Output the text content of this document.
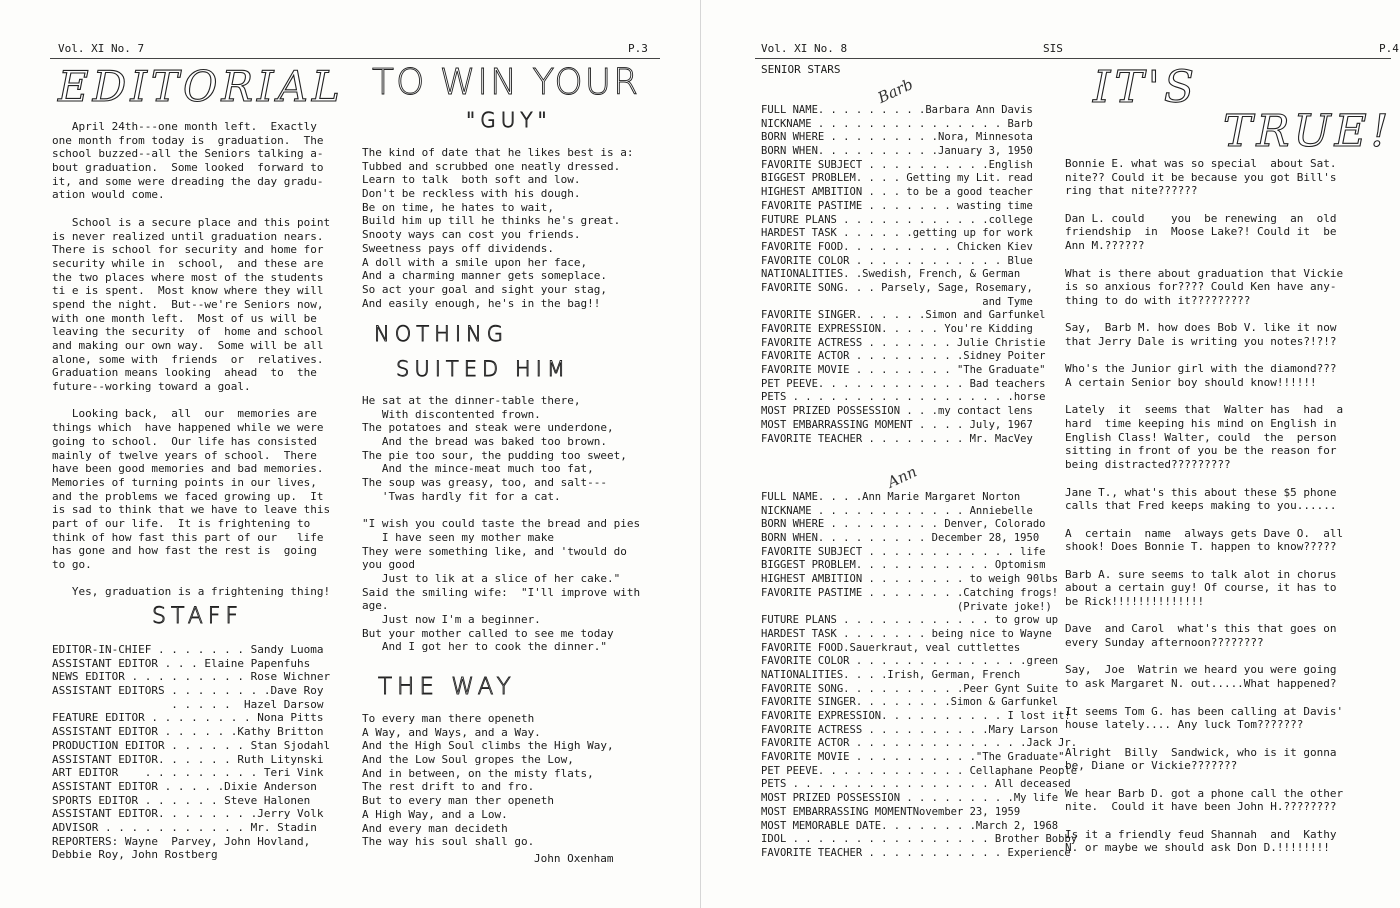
Vol. XI No. 7	P.3
EDITORIAL
April 24th---one month left.  Exactly
one month from today is  graduation.  The
school buzzed--all the Seniors talking a-
bout graduation.  Some looked  forward to
it, and some were dreading the day gradu-
ation would come.
School is a secure place and this point
is never realized until graduation nears.
There is school for security and home for
security while in  school,  and these are
the two places where most of the students
ti e is spent.  Most know where they will
spend the night.  But--we're Seniors now,
with one month left.  Most of us will be
leaving the security  of  home and school
and making our own way.  Some will be all
alone, some with  friends  or  relatives.
Graduation means looking  ahead  to  the
future--working toward a goal.
Looking back,  all  our  memories are
things which  have happened while we were
going to school.  Our life has consisted
mainly of twelve years of school.  There
have been good memories and bad memories.
Memories of turning points in our lives,
and the problems we faced growing up.  It
is sad to think that we have to leave this
part of our life.  It is frightening to
think of how fast this part of our   life
has gone and how fast the rest is  going
to go.
Yes, graduation is a frightening thing!
STAFF
EDITOR-IN-CHIEF . . . . . . . Sandy Luoma
ASSISTANT EDITOR . . . Elaine Papenfuhs
NEWS EDITOR . . . . . . . . . Rose Wichner
ASSISTANT EDITORS . . . . . . . .Dave Roy
. . . . .  Hazel Darsow
FEATURE EDITOR . . . . . . . . Nona Pitts
ASSISTANT EDITOR . . . . . .Kathy Britton
PRODUCTION EDITOR . . . . . . Stan Sjodahl
ASSISTANT EDITOR. . . . . . Ruth Litynski
ART EDITOR    . . . . . . . . . Teri Vink
ASSISTANT EDITOR . . . . .Dixie Anderson
SPORTS EDITOR . . . . . . Steve Halonen
ASSISTANT EDITOR. . . . . . . .Jerry Volk
ADVISOR . . . . . . . . . . . Mr. Stadin
REPORTERS: Wayne  Parvey, John Hovland,
Debbie Roy, John Rostberg
TO WIN YOUR
"GUY"
The kind of date that he likes best is a:
Tubbed and scrubbed one neatly dressed.
Learn to talk  both soft and low.
Don't be reckless with his dough.
Be on time, he hates to wait,
Build him up till he thinks he's great.
Snooty ways can cost you friends.
Sweetness pays off dividends.
A doll with a smile upon her face,
And a charming manner gets someplace.
So act your goal and sight your stag,
And easily enough, he's in the bag!!
NOTHING
SUITED HIM
He sat at the dinner-table there,
With discontented frown.
The potatoes and steak were underdone,
And the bread was baked too brown.
The pie too sour, the pudding too sweet,
And the mince-meat much too fat,
The soup was greasy, too, and salt---
'Twas hardly fit for a cat.
"I wish you could taste the bread and pies
I have seen my mother make
They were something like, and 'twould do
you good
Just to lik at a slice of her cake."
Said the smiling wife:  "I'll improve with
age.
Just now I'm a beginner.
But your mother called to see me today
And I got her to cook the dinner."
THE WAY
To every man there openeth
A Way, and Ways, and a Way.
And the High Soul climbs the High Way,
And the Low Soul gropes the Low,
And in between, on the misty flats,
The rest drift to and fro.
But to every man ther openeth
A High Way, and a Low.
And every man decideth
The way his soul shall go.
John Oxenham
Vol. XI No. 8	SIS	P.4
SENIOR STARS
Barb
FULL NAME. . . . . . . . .Barbara Ann Davis
NICKNAME . . . . . . . . . . . . . . . Barb
BORN WHERE . . . . . . . . .Nora, Minnesota
BORN WHEN. . . . . . . . . .January 3, 1950
FAVORITE SUBJECT . . . . . . . . . .English
BIGGEST PROBLEM. . . . Getting my Lit. read
HIGHEST AMBITION . . . to be a good teacher
FAVORITE PASTIME . . . . . . . wasting time
FUTURE PLANS . . . . . . . . . . . .college
HARDEST TASK . . . . . .getting up for work
FAVORITE FOOD. . . . . . . . . Chicken Kiev
FAVORITE COLOR . . . . . . . . . . . . Blue
NATIONALITIES. .Swedish, French, & German
FAVORITE SONG. . . Parsely, Sage, Rosemary,
and Tyme
FAVORITE SINGER. . . . . .Simon and Garfunkel
FAVORITE EXPRESSION. . . . . You're Kidding
FAVORITE ACTRESS . . . . . . . Julie Christie
FAVORITE ACTOR . . . . . . . . .Sidney Poiter
FAVORITE MOVIE . . . . . . . . "The Graduate"
PET PEEVE. . . . . . . . . . . . Bad teachers
PETS . . . . . . . . . . . . . . . . . .horse
MOST PRIZED POSSESSION . . .my contact lens
MOST EMBARRASSING MOMENT . . . . July, 1967
FAVORITE TEACHER . . . . . . . . Mr. MacVey
Ann
FULL NAME. . . .Ann Marie Margaret Norton
NICKNAME . . . . . . . . . . . . Anniebelle
BORN WHERE . . . . . . . . . Denver, Colorado
BORN WHEN. . . . . . . . . December 28, 1950
FAVORITE SUBJECT . . . . . . . . . . . . life
BIGGEST PROBLEM. . . . . . . . . . . Optomism
HIGHEST AMBITION . . . . . . . . to weigh 90lbs
FAVORITE PASTIME . . . . . . . .Catching frogs!
(Private joke!)
FUTURE PLANS . . . . . . . . . . . . to grow up
HARDEST TASK . . . . . . . being nice to Wayne
FAVORITE FOOD.Sauerkraut, veal cuttlettes
FAVORITE COLOR . . . . . . . . . . . . . .green
NATIONALITIES. . . .Irish, German, French
FAVORITE SONG. . . . . . . . . .Peer Gynt Suite
FAVORITE SINGER. . . . . . . .Simon & Garfunkel
FAVORITE EXPRESSION. . . . . . . . . . I lost it!
FAVORITE ACTRESS . . . . . . . . . .Mary Larson
FAVORITE ACTOR . . . . . . . . . . . . . .Jack Jr.
FAVORITE MOVIE . . . . . . . . . ."The Graduate"
PET PEEVE. . . . . . . . . . . . Cellaphane People
PETS . . . . . . . . . . . . . . . . All deceased
MOST PRIZED POSSESSION . . . . . . . . .My life
MOST EMBARRASSING MOMENTNovember 23, 1959
MOST MEMORABLE DATE. . . . . . . .March 2, 1968
IDOL . . . . . . . . . . . . . . . . Brother Bobby
FAVORITE TEACHER . . . . . . . . . . . Experience
IT'S
TRUE!
Bonnie E. what was so special  about Sat.
nite?? Could it be because you got Bill's
ring that nite??????
Dan L. could    you  be renewing  an  old
friendship  in  Moose Lake?! Could it  be
Ann M.??????
What is there about graduation that Vickie
is so anxious for???? Could Ken have any-
thing to do with it?????????
Say,  Barb M. how does Bob V. like it now
that Jerry Dale is writing you notes?!?!?
Who's the Junior girl with the diamond???
A certain Senior boy should know!!!!!!
Lately  it  seems that  Walter has  had  a
hard  time keeping his mind on English in
English Class! Walter, could  the  person
sitting in front of you be the reason for
being distracted?????????
Jane T., what's this about these $5 phone
calls that Fred keeps making to you......
A  certain  name  always gets Dave O.  all
shook! Does Bonnie T. happen to know?????
Barb A. sure seems to talk alot in chorus
about a certain guy! Of course, it has to
be Rick!!!!!!!!!!!!!!
Dave  and Carol  what's this that goes on
every Sunday afternoon????????
Say,  Joe  Watrin we heard you were going
to ask Margaret N. out.....What happened?
It seems Tom G. has been calling at Davis'
house lately.... Any luck Tom???????
Alright  Billy  Sandwick, who is it gonna
be, Diane or Vickie???????
We hear Barb D. got a phone call the other
nite.  Could it have been John H.????????
Is it a friendly feud Shannah  and  Kathy
N. or maybe we should ask Don D.!!!!!!!!
